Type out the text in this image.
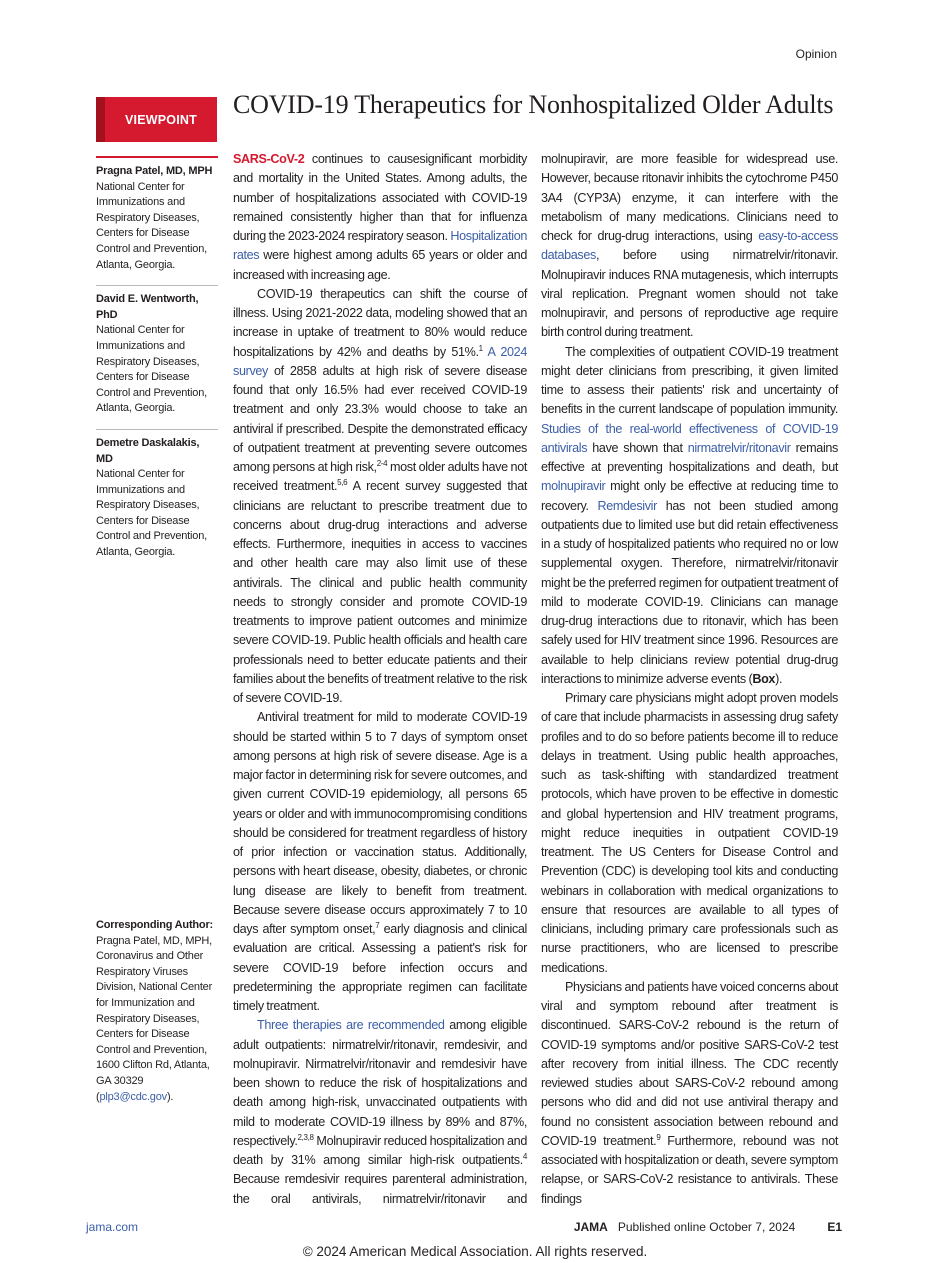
Opinion
VIEWPOINT
COVID-19 Therapeutics for Nonhospitalized Older Adults
Pragna Patel, MD, MPH
National Center for Immunizations and Respiratory Diseases, Centers for Disease Control and Prevention, Atlanta, Georgia.
David E. Wentworth, PhD
National Center for Immunizations and Respiratory Diseases, Centers for Disease Control and Prevention, Atlanta, Georgia.
Demetre Daskalakis, MD
National Center for Immunizations and Respiratory Diseases, Centers for Disease Control and Prevention, Atlanta, Georgia.
Corresponding Author: Pragna Patel, MD, MPH, Coronavirus and Other Respiratory Viruses Division, National Center for Immunization and Respiratory Diseases, Centers for Disease Control and Prevention, 1600 Clifton Rd, Atlanta, GA 30329 (plp3@cdc.gov).

SARS-CoV-2 continues to causesignificant morbidity and mortality in the United States. Among adults, the number of hospitalizations associated with COVID-19 remained consistently higher than that for influenza during the 2023-2024 respiratory season. Hospitalization rates were highest among adults 65 years or older and increased with increasing age.

COVID-19 therapeutics can shift the course of illness. Using 2021-2022 data, modeling showed that an increase in uptake of treatment to 80% would reduce hospitalizations by 42% and deaths by 51%.$^1$ A 2024 survey of 2858 adults at high risk of severe disease found that only 16.5% had ever received COVID-19 treatment and only 23.3% would choose to take an antiviral if prescribed. Despite the demonstrated efficacy of outpatient treatment at preventing severe outcomes among persons at high risk,$^{2-4}$ most older adults have not received treatment.$^{5,6}$ A recent survey suggested that clinicians are reluctant to prescribe treatment due to concerns about drug-drug interactions and adverse effects. Furthermore, inequities in access to vaccines and other health care may also limit use of these antivirals. The clinical and public health community needs to strongly consider and promote COVID-19 treatments to improve patient outcomes and minimize severe COVID-19. Public health officials and health care professionals need to better educate patients and their families about the benefits of treatment relative to the risk of severe COVID-19.

Antiviral treatment for mild to moderate COVID-19 should be started within 5 to 7 days of symptom onset among persons at high risk of severe disease. Age is a major factor in determining risk for severe outcomes, and given current COVID-19 epidemiology, all persons 65 years or older and with immunocompromising conditions should be considered for treatment regardless of history of prior infection or vaccination status. Additionally, persons with heart disease, obesity, diabetes, or chronic lung disease are likely to benefit from treatment. Because severe disease occurs approximately 7 to 10 days after symptom onset,$^7$ early diagnosis and clinical evaluation are critical. Assessing a patient's risk for severe COVID-19 before infection occurs and predetermining the appropriate regimen can facilitate timely treatment.

Three therapies are recommended among eligible adult outpatients: nirmatrelvir/ritonavir, remdesivir, and molnupiravir. Nirmatrelvir/ritonavir and remdesivir have been shown to reduce the risk of hospitalizations and death among high-risk, unvaccinated outpatients with mild to moderate COVID-19 illness by 89% and 87%, respectively.$^{2,3,8}$ Molnupiravir reduced hospitalization and death by 31% among similar high-risk outpatients.$^4$ Because remdesivir requires parenteral administration, the oral antivirals, nirmatrelvir/ritonavir and

molnupiravir, are more feasible for widespread use. However, because ritonavir inhibits the cytochrome P450 3A4 (CYP3A) enzyme, it can interfere with the metabolism of many medications. Clinicians need to check for drug-drug interactions, using easy-to-access databases, before using nirmatrelvir/ritonavir. Molnupiravir induces RNA mutagenesis, which interrupts viral replication. Pregnant women should not take molnupiravir, and persons of reproductive age require birth control during treatment.

The complexities of outpatient COVID-19 treatment might deter clinicians from prescribing, it given limited time to assess their patients' risk and uncertainty of benefits in the current landscape of population immunity. Studies of the real-world effectiveness of COVID-19 antivirals have shown that nirmatrelvir/ritonavir remains effective at preventing hospitalizations and death, but molnupiravir might only be effective at reducing time to recovery. Remdesivir has not been studied among outpatients due to limited use but did retain effectiveness in a study of hospitalized patients who required no or low supplemental oxygen. Therefore, nirmatrelvir/ritonavir might be the preferred regimen for outpatient treatment of mild to moderate COVID-19. Clinicians can manage drug-drug interactions due to ritonavir, which has been safely used for HIV treatment since 1996. Resources are available to help clinicians review potential drug-drug interactions to minimize adverse events (Box).

Primary care physicians might adopt proven models of care that include pharmacists in assessing drug safety profiles and to do so before patients become ill to reduce delays in treatment. Using public health approaches, such as task-shifting with standardized treatment protocols, which have proven to be effective in domestic and global hypertension and HIV treatment programs, might reduce inequities in outpatient COVID-19 treatment. The US Centers for Disease Control and Prevention (CDC) is developing tool kits and conducting webinars in collaboration with medical organizations to ensure that resources are available to all types of clinicians, including primary care professionals such as nurse practitioners, who are licensed to prescribe medications.

Physicians and patients have voiced concerns about viral and symptom rebound after treatment is discontinued. SARS-CoV-2 rebound is the return of COVID-19 symptoms and/or positive SARS-CoV-2 test after recovery from initial illness. The CDC recently reviewed studies about SARS-CoV-2 rebound among persons who did and did not use antiviral therapy and found no consistent association between rebound and COVID-19 treatment.$^9$ Furthermore, rebound was not associated with hospitalization or death, severe symptom relapse, or SARS-CoV-2 resistance to antivirals. These findings

jama.com	JAMA Published online October 7, 2024	E1
© 2024 American Medical Association. All rights reserved.
